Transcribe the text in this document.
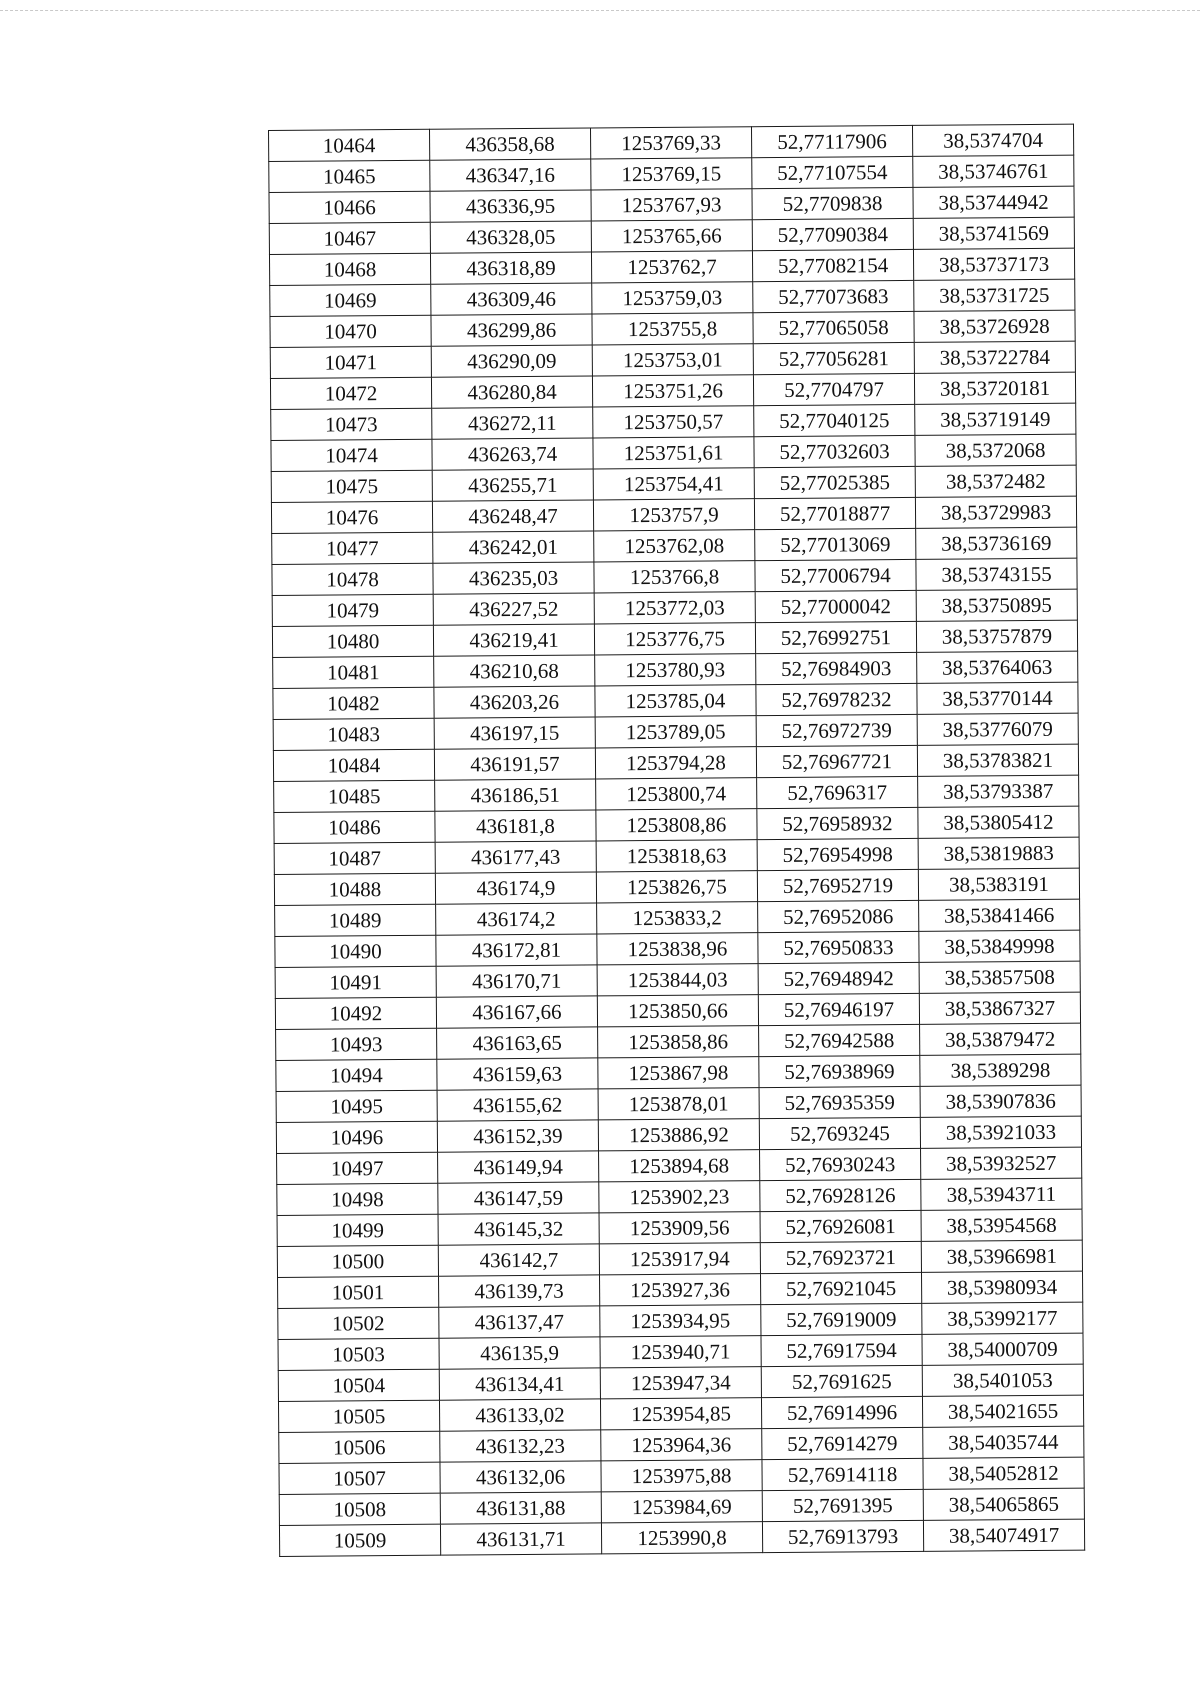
10464	436358,68	1253769,33	52,77117906	38,5374704
10465	436347,16	1253769,15	52,77107554	38,53746761
10466	436336,95	1253767,93	52,7709838	38,53744942
10467	436328,05	1253765,66	52,77090384	38,53741569
10468	436318,89	1253762,7	52,77082154	38,53737173
10469	436309,46	1253759,03	52,77073683	38,53731725
10470	436299,86	1253755,8	52,77065058	38,53726928
10471	436290,09	1253753,01	52,77056281	38,53722784
10472	436280,84	1253751,26	52,7704797	38,53720181
10473	436272,11	1253750,57	52,77040125	38,53719149
10474	436263,74	1253751,61	52,77032603	38,5372068
10475	436255,71	1253754,41	52,77025385	38,5372482
10476	436248,47	1253757,9	52,77018877	38,53729983
10477	436242,01	1253762,08	52,77013069	38,53736169
10478	436235,03	1253766,8	52,77006794	38,53743155
10479	436227,52	1253772,03	52,77000042	38,53750895
10480	436219,41	1253776,75	52,76992751	38,53757879
10481	436210,68	1253780,93	52,76984903	38,53764063
10482	436203,26	1253785,04	52,76978232	38,53770144
10483	436197,15	1253789,05	52,76972739	38,53776079
10484	436191,57	1253794,28	52,76967721	38,53783821
10485	436186,51	1253800,74	52,7696317	38,53793387
10486	436181,8	1253808,86	52,76958932	38,53805412
10487	436177,43	1253818,63	52,76954998	38,53819883
10488	436174,9	1253826,75	52,76952719	38,5383191
10489	436174,2	1253833,2	52,76952086	38,53841466
10490	436172,81	1253838,96	52,76950833	38,53849998
10491	436170,71	1253844,03	52,76948942	38,53857508
10492	436167,66	1253850,66	52,76946197	38,53867327
10493	436163,65	1253858,86	52,76942588	38,53879472
10494	436159,63	1253867,98	52,76938969	38,5389298
10495	436155,62	1253878,01	52,76935359	38,53907836
10496	436152,39	1253886,92	52,7693245	38,53921033
10497	436149,94	1253894,68	52,76930243	38,53932527
10498	436147,59	1253902,23	52,76928126	38,53943711
10499	436145,32	1253909,56	52,76926081	38,53954568
10500	436142,7	1253917,94	52,76923721	38,53966981
10501	436139,73	1253927,36	52,76921045	38,53980934
10502	436137,47	1253934,95	52,76919009	38,53992177
10503	436135,9	1253940,71	52,76917594	38,54000709
10504	436134,41	1253947,34	52,7691625	38,5401053
10505	436133,02	1253954,85	52,76914996	38,54021655
10506	436132,23	1253964,36	52,76914279	38,54035744
10507	436132,06	1253975,88	52,76914118	38,54052812
10508	436131,88	1253984,69	52,7691395	38,54065865
10509	436131,71	1253990,8	52,76913793	38,54074917
